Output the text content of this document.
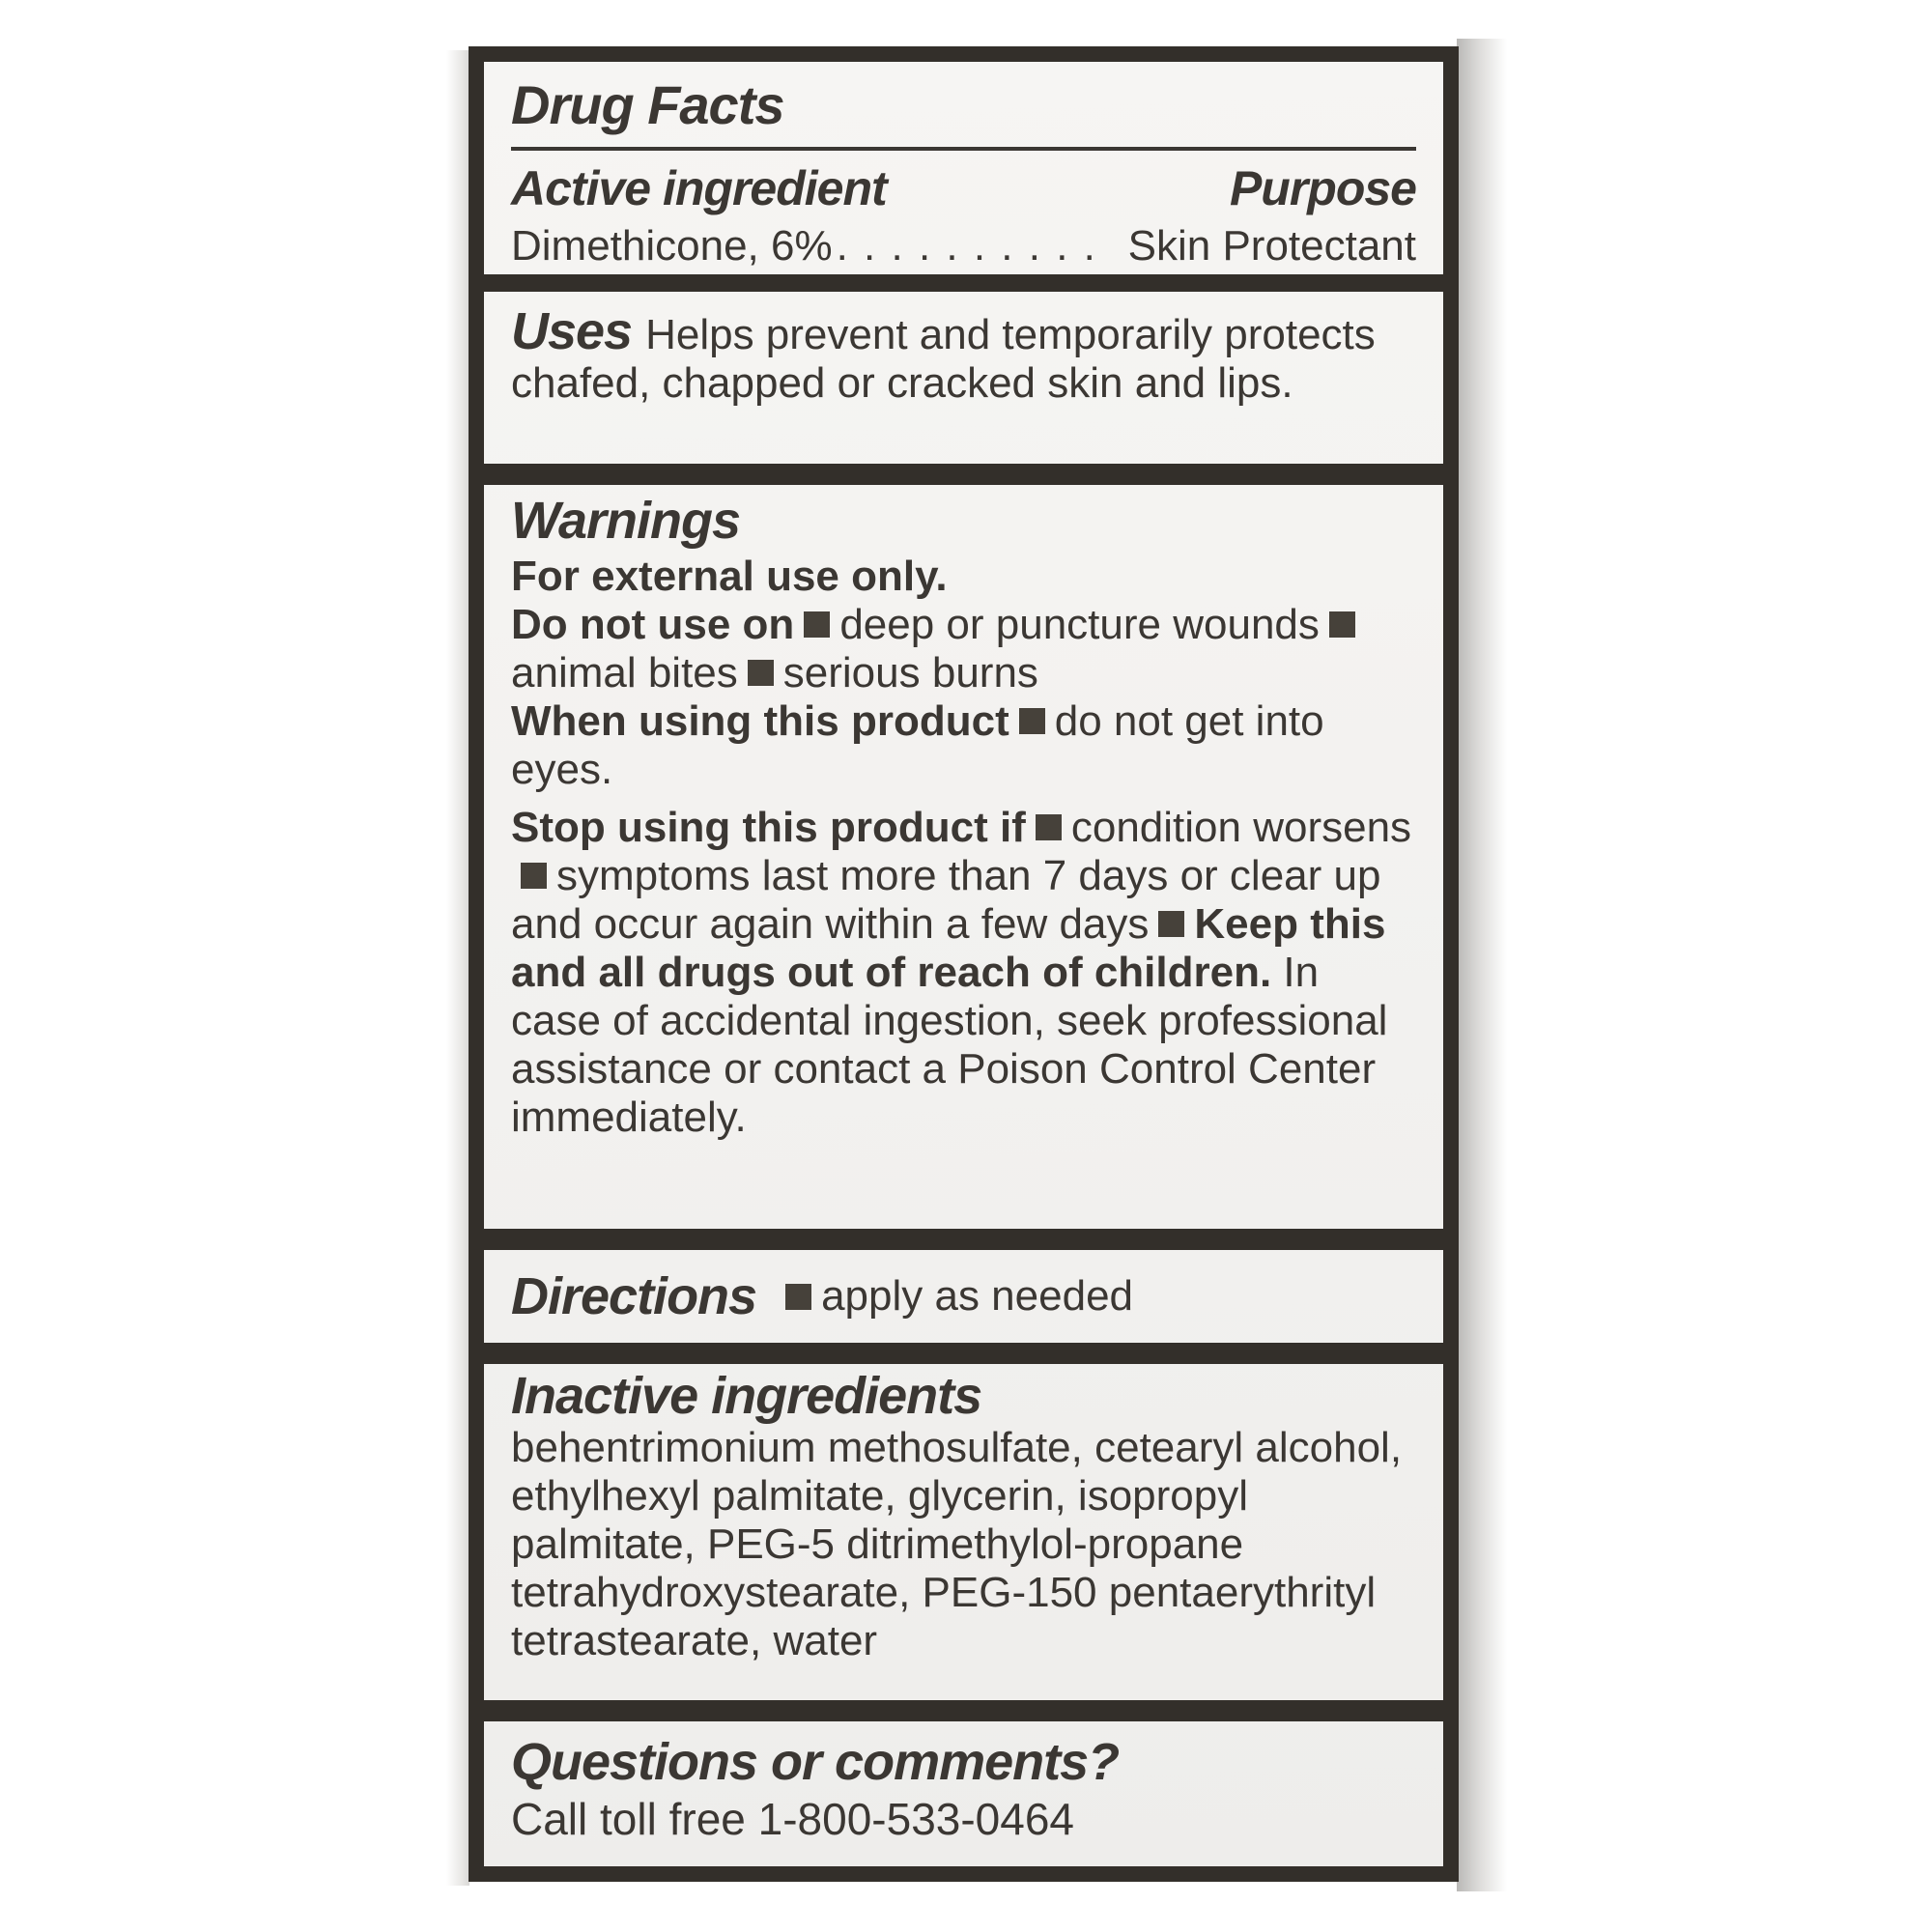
Drug Facts
Active ingredient	Purpose
Dimethicone, 6% . . . . . . . . . . Skin Protectant
Uses Helps prevent and temporarily protects chafed, chapped or cracked skin and lips.
Warnings

For external use only.

Do not use on deep or puncture woundsanimal bites serious burns

When using this product do not get into eyes.

Stop using this product if condition worsenssymptoms last more than 7 days or clear up and occur again within a few days Keep this and all drugs out of reach of children. In case of accidental ingestion, seek professional assistance or contact a Poison Control Center immediately.

Directions apply as needed
Inactive ingredients

behentrimonium methosulfate, cetearyl alcohol, ethylhexyl palmitate, glycerin, isopropyl palmitate, PEG-5 ditrimethylol-propane tetrahydroxystearate, PEG-150 pentaerythrityl tetrastearate, water

Questions or comments?
Call toll free 1-800-533-0464
